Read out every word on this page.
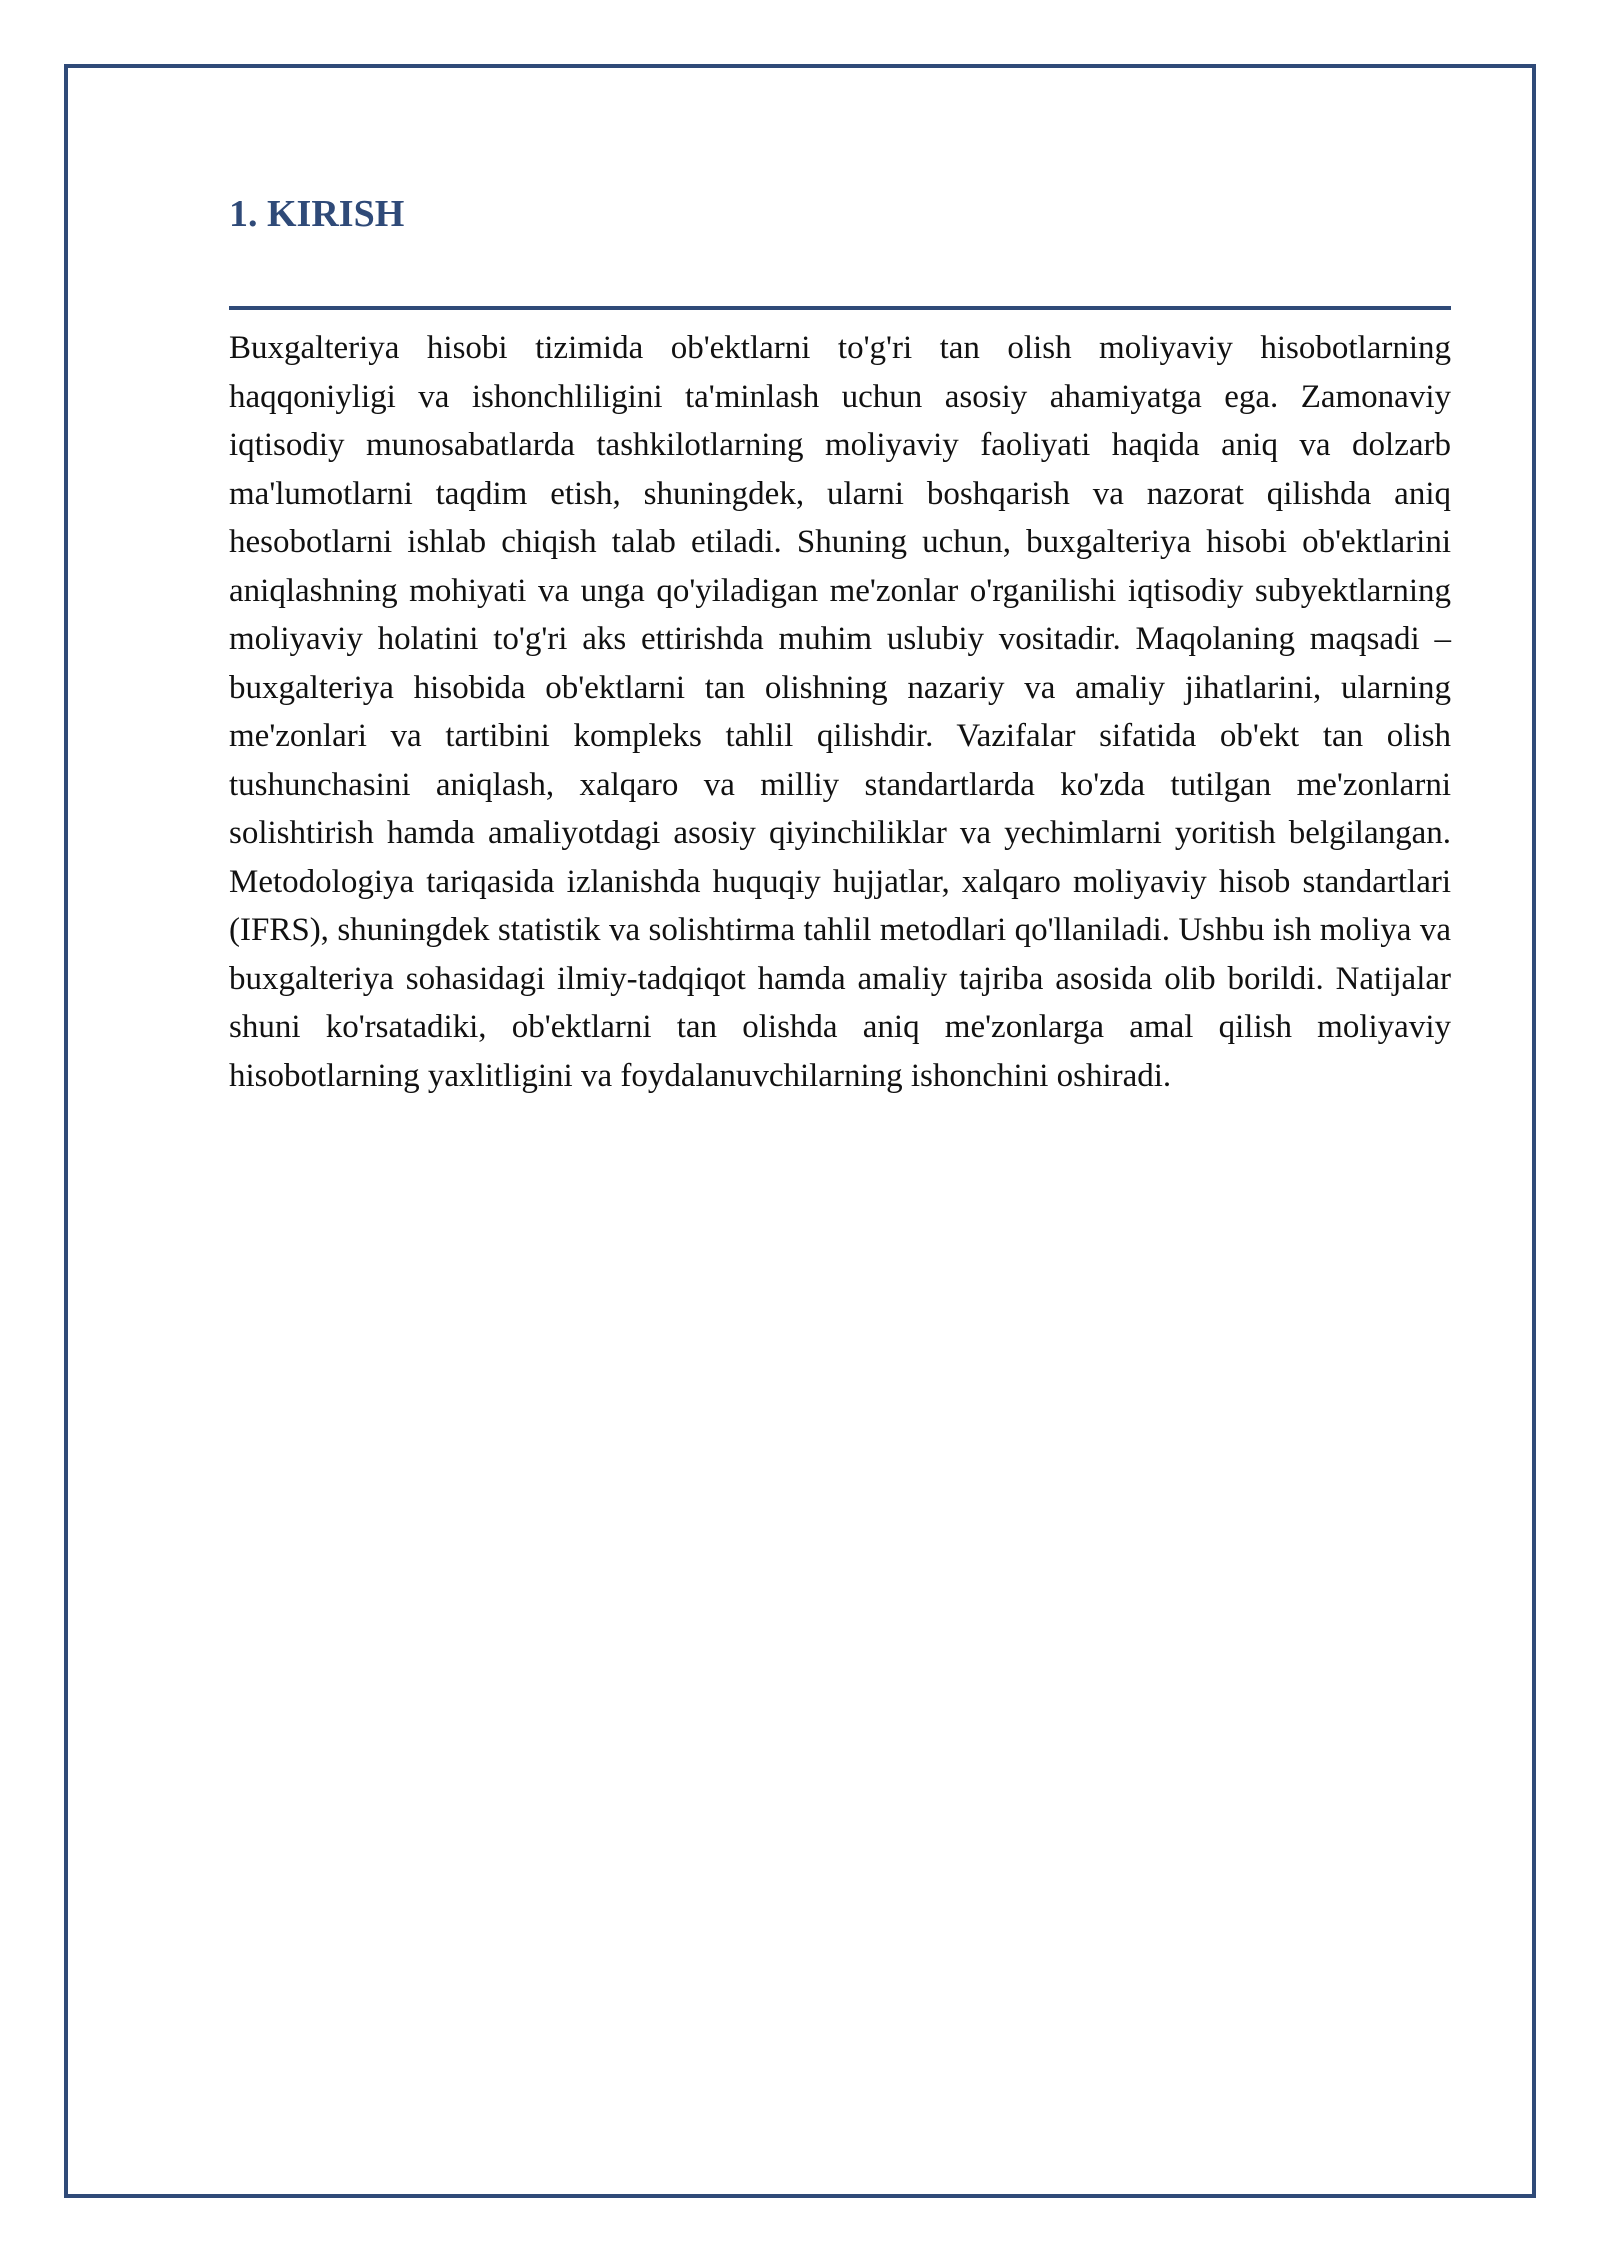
1. KIRISH

Buxgalteriya hisobi tizimida ob'ektlarni to'g'ri tan olish moliyaviy hisobotlarning haqqoniyligi va ishonchliligini ta'minlash uchun asosiy ahamiyatga ega. Zamonaviy iqtisodiy munosabatlarda tashkilotlarning moliyaviy faoliyati haqida aniq va dolzarb ma'lumotlarni taqdim etish, shuningdek, ularni boshqarish va nazorat qilishda aniq hesobotlarni ishlab chiqish talab etiladi. Shuning uchun, buxgalteriya hisobi ob'ektlarini aniqlashning mohiyati va unga qo'yiladigan me'zonlar o'rganilishi iqtisodiy subyektlarning moliyaviy holatini to'g'ri aks ettirishda muhim uslubiy vositadir. Maqolaning maqsadi – buxgalteriya hisobida ob'ektlarni tan olishning nazariy va amaliy jihatlarini, ularning me'zonlari va tartibini kompleks tahlil qilishdir. Vazifalar sifatida ob'ekt tan olish tushunchasini aniqlash, xalqaro va milliy standartlarda ko'zda tutilgan me'zonlarni solishtirish hamda amaliyotdagi asosiy qiyinchiliklar va yechimlarni yoritish belgilangan. Metodologiya tariqasida izlanishda huquqiy hujjatlar, xalqaro moliyaviy hisob standartlari (IFRS), shuningdek statistik va solishtirma tahlil metodlari qo'llaniladi. Ushbu ish moliya va buxgalteriya sohasidagi ilmiy-tadqiqot hamda amaliy tajriba asosida olib borildi. Natijalar shuni ko'rsatadiki, ob'ektlarni tan olishda aniq me'zonlarga amal qilish moliyaviy hisobotlarning yaxlitligini va foydalanuvchilarning ishonchini oshiradi.
